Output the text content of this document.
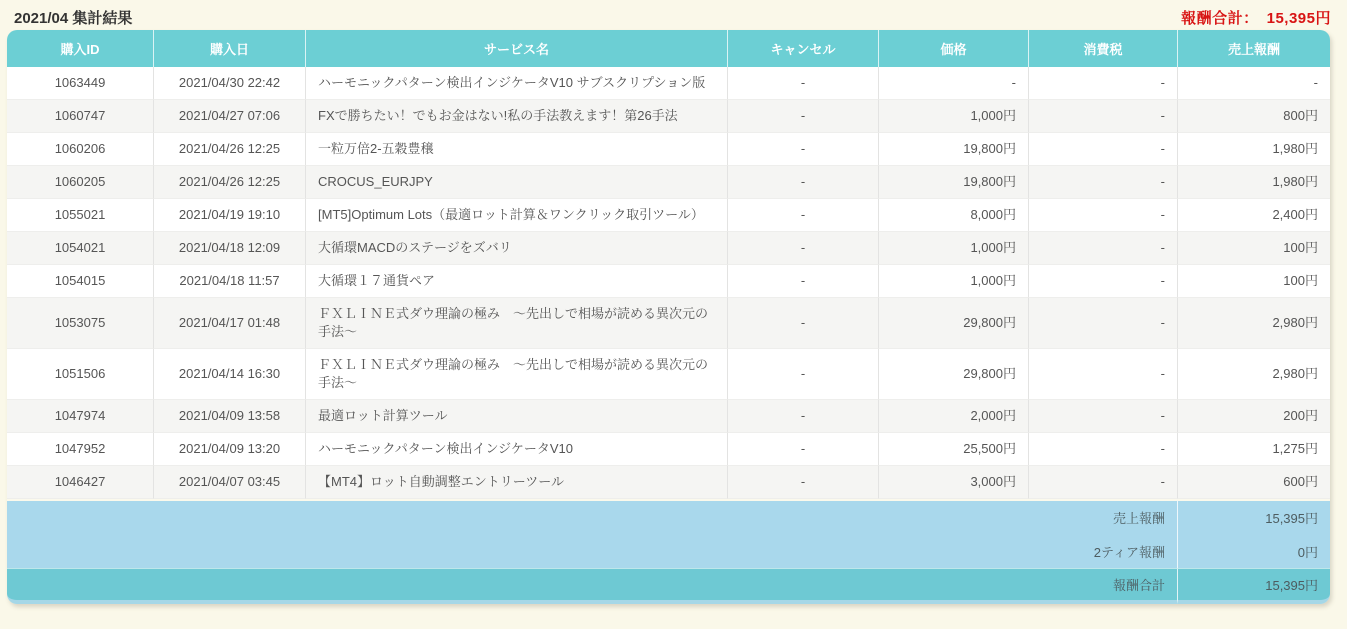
2021/04 集計結果	報酬合計： 15,395円
購入ID	購入日	サービス名	キャンセル	価格	消費税	売上報酬
1063449	2021/04/30 22:42	ハーモニックパターン検出インジケータV10 サブスクリプション版	-	-	-	-
1060747	2021/04/27 07:06	FXで勝ちたい！でもお金はない!私の手法教えます！第26手法	-	1,000円	-	800円
1060206	2021/04/26 12:25	一粒万倍2-五穀豊穣	-	19,800円	-	1,980円
1060205	2021/04/26 12:25	CROCUS_EURJPY	-	19,800円	-	1,980円
1055021	2021/04/19 19:10	[MT5]Optimum Lots（最適ロット計算＆ワンクリック取引ツール）	-	8,000円	-	2,400円
1054021	2021/04/18 12:09	大循環MACDのステージをズバリ	-	1,000円	-	100円
1054015	2021/04/18 11:57	大循環１７通貨ペア	-	1,000円	-	100円
1053075	2021/04/17 01:48	ＦＸＬＩＮＥ式ダウ理論の極み　～先出しで相場が読める異次元の手法～	-	29,800円	-	2,980円
1051506	2021/04/14 16:30	ＦＸＬＩＮＥ式ダウ理論の極み　～先出しで相場が読める異次元の手法～	-	29,800円	-	2,980円
1047974	2021/04/09 13:58	最適ロット計算ツール	-	2,000円	-	200円
1047952	2021/04/09 13:20	ハーモニックパターン検出インジケータV10	-	25,500円	-	1,275円
1046427	2021/04/07 03:45	【MT4】ロット自動調整エントリーツール	-	3,000円	-	600円
売上報酬						15,395円
2ティア報酬						0円
報酬合計						15,395円
